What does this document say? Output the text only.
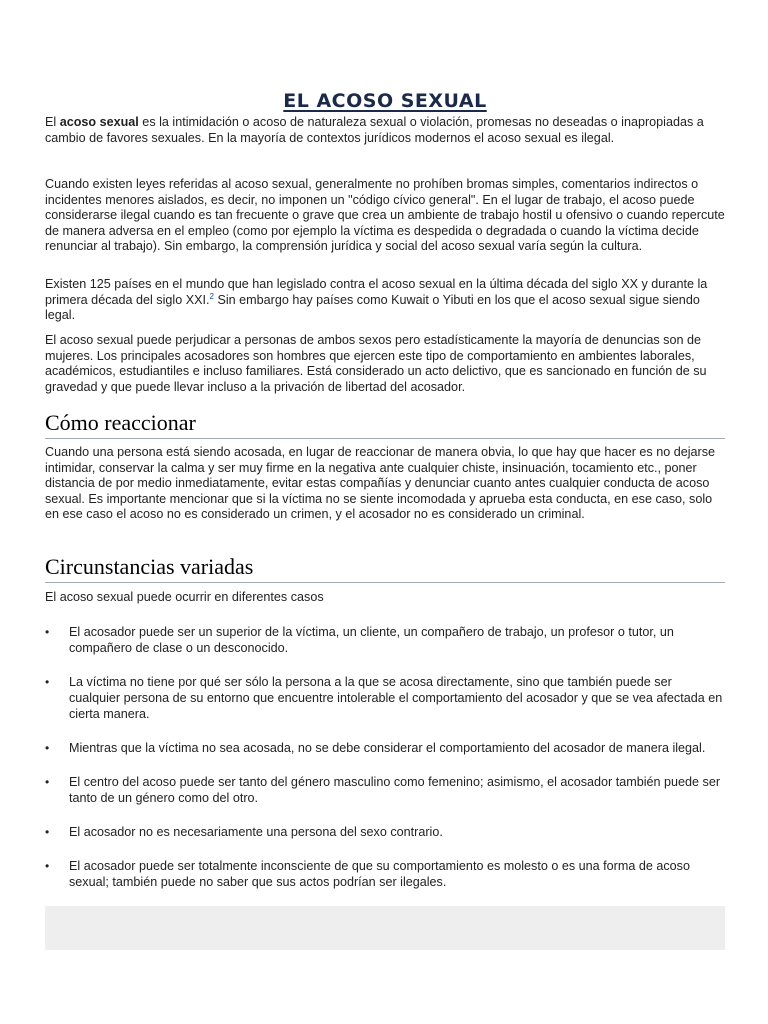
EL ACOSO SEXUAL

El acoso sexual es la intimidación o acoso de naturaleza sexual o violación, promesas no deseadas o inapropiadas a cambio de favores sexuales. En la mayoría de contextos jurídicos modernos el acoso sexual es ilegal.

Cuando existen leyes referidas al acoso sexual, generalmente no prohíben bromas simples, comentarios indirectos o incidentes menores aislados, es decir, no imponen un "código cívico general". En el lugar de trabajo, el acoso puede considerarse ilegal cuando es tan frecuente o grave que crea un ambiente de trabajo hostil u ofensivo o cuando repercute de manera adversa en el empleo (como por ejemplo la víctima es despedida o degradada o cuando la víctima decide renunciar al trabajo). Sin embargo, la comprensión jurídica y social del acoso sexual varía según la cultura.

Existen 125 países en el mundo que han legislado contra el acoso sexual en la última década del siglo XX y durante la primera década del siglo XXI.$^2$ Sin embargo hay países como Kuwait o Yibuti en los que el acoso sexual sigue siendo legal.

El acoso sexual puede perjudicar a personas de ambos sexos pero estadísticamente la mayoría de denuncias son de mujeres. Los principales acosadores son hombres que ejercen este tipo de comportamiento en ambientes laborales, académicos, estudiantiles e incluso familiares. Está considerado un acto delictivo, que es sancionado en función de su gravedad y que puede llevar incluso a la privación de libertad del acosador.

Cómo reaccionar

Cuando una persona está siendo acosada, en lugar de reaccionar de manera obvia, lo que hay que hacer es no dejarse intimidar, conservar la calma y ser muy firme en la negativa ante cualquier chiste, insinuación, tocamiento etc., poner distancia de por medio inmediatamente, evitar estas compañías y denunciar cuanto antes cualquier conducta de acoso sexual. Es importante mencionar que si la víctima no se siente incomodada y aprueba esta conducta, en ese caso, solo en ese caso el acoso no es considerado un crimen, y el acosador no es considerado un criminal.

Circunstancias variadas

El acoso sexual puede ocurrir en diferentes casos

• El acosador puede ser un superior de la víctima, un cliente, un compañero de trabajo, un profesor o tutor, un compañero de clase o un desconocido.
• La víctima no tiene por qué ser sólo la persona a la que se acosa directamente, sino que también puede ser cualquier persona de su entorno que encuentre intolerable el comportamiento del acosador y que se vea afectada en cierta manera.
• Mientras que la víctima no sea acosada, no se debe considerar el comportamiento del acosador de manera ilegal.
• El centro del acoso puede ser tanto del género masculino como femenino; asimismo, el acosador también puede ser tanto de un género como del otro.
• El acosador no es necesariamente una persona del sexo contrario.
• El acosador puede ser totalmente inconsciente de que su comportamiento es molesto o es una forma de acoso sexual; también puede no saber que sus actos podrían ser ilegales.
